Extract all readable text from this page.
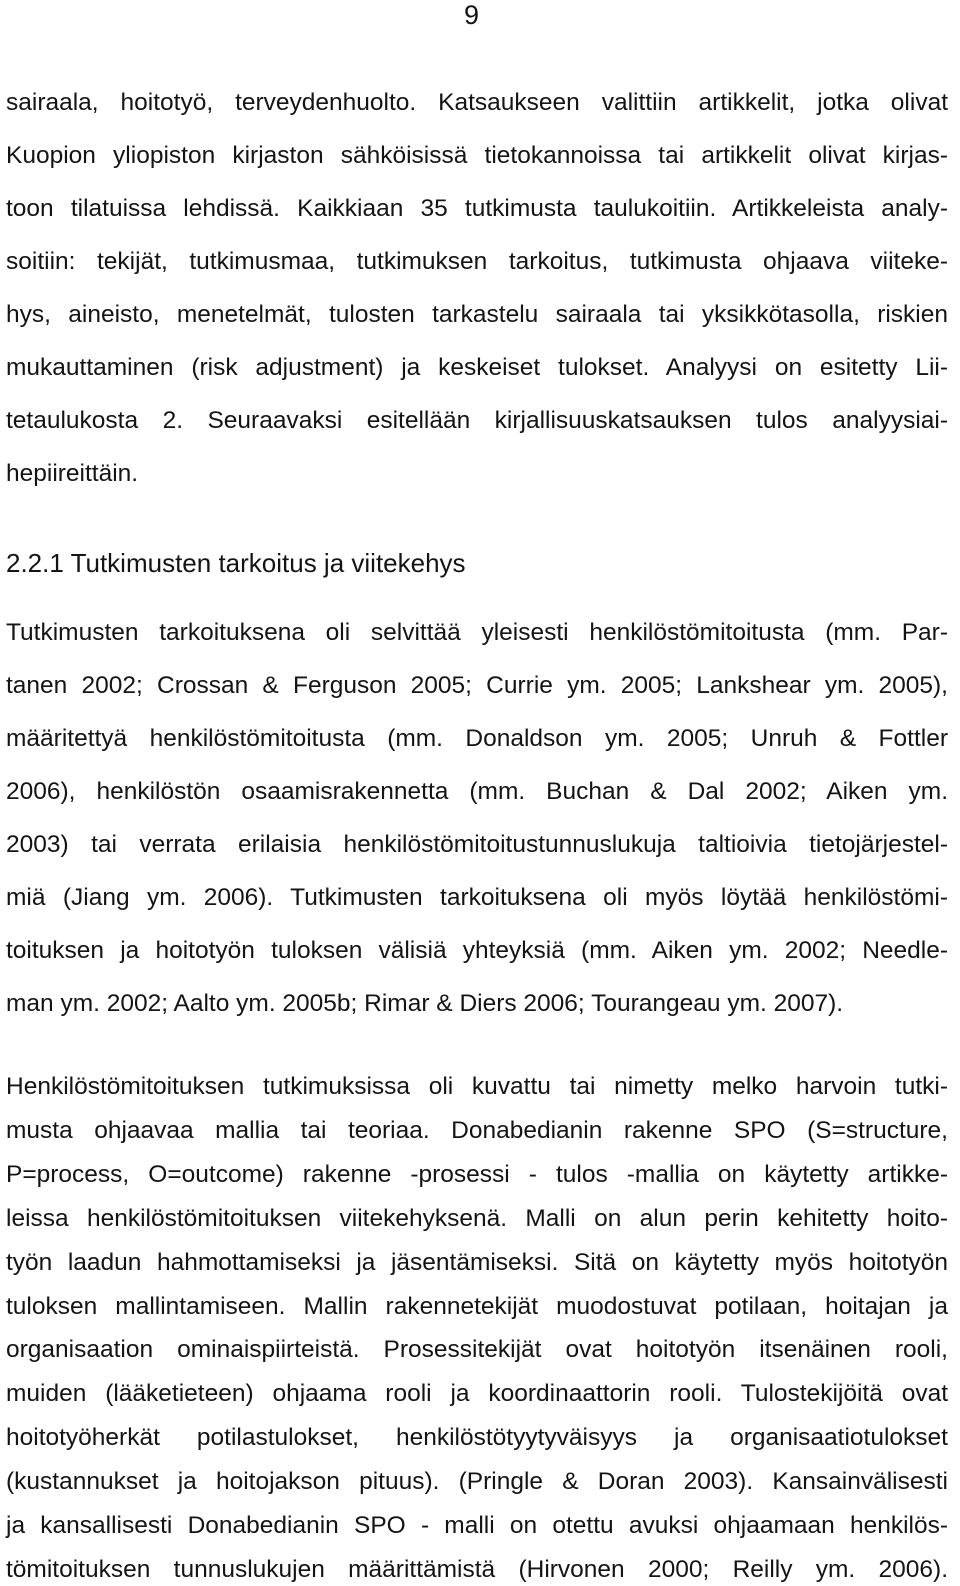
9
sairaala, hoitotyö, terveydenhuolto. Katsaukseen valittiin artikkelit, jotka olivat
Kuopion yliopiston kirjaston sähköisissä tietokannoissa tai artikkelit olivat kirjas-
toon tilatuissa lehdissä. Kaikkiaan 35 tutkimusta taulukoitiin. Artikkeleista analy-
soitiin: tekijät, tutkimusmaa, tutkimuksen tarkoitus, tutkimusta ohjaava viiteke-
hys, aineisto, menetelmät, tulosten tarkastelu sairaala tai yksikkötasolla, riskien
mukauttaminen (risk adjustment) ja keskeiset tulokset. Analyysi on esitetty Lii-
tetaulukosta 2. Seuraavaksi esitellään kirjallisuuskatsauksen tulos analyysiai-
hepiireittäin.
2.2.1 Tutkimusten tarkoitus ja viitekehys
Tutkimusten tarkoituksena oli selvittää yleisesti henkilöstömitoitusta (mm. Par-
tanen 2002; Crossan & Ferguson 2005; Currie ym. 2005; Lankshear ym. 2005),
määritettyä henkilöstömitoitusta (mm. Donaldson ym. 2005; Unruh & Fottler
2006), henkilöstön osaamisrakennetta (mm. Buchan & Dal 2002; Aiken ym.
2003) tai verrata erilaisia henkilöstömitoitustunnuslukuja taltioivia tietojärjestel-
miä (Jiang ym. 2006). Tutkimusten tarkoituksena oli myös löytää henkilöstömi-
toituksen ja hoitotyön tuloksen välisiä yhteyksiä (mm. Aiken ym. 2002; Needle-
man ym. 2002; Aalto ym. 2005b; Rimar & Diers 2006; Tourangeau ym. 2007).
Henkilöstömitoituksen tutkimuksissa oli kuvattu tai nimetty melko harvoin tutki-
musta ohjaavaa mallia tai teoriaa. Donabedianin rakenne SPO (S=structure,
P=process, O=outcome) rakenne -prosessi - tulos -mallia on käytetty artikke-
leissa henkilöstömitoituksen viitekehyksenä. Malli on alun perin kehitetty hoito-
työn laadun hahmottamiseksi ja jäsentämiseksi. Sitä on käytetty myös hoitotyön
tuloksen mallintamiseen. Mallin rakennetekijät muodostuvat potilaan, hoitajan ja
organisaation ominaispiirteistä. Prosessitekijät ovat hoitotyön itsenäinen rooli,
muiden (lääketieteen) ohjaama rooli ja koordinaattorin rooli. Tulostekijöitä ovat
hoitotyöherkät potilastulokset, henkilöstötyytyväisyys ja organisaatiotulokset
(kustannukset ja hoitojakson pituus). (Pringle & Doran 2003). Kansainvälisesti
ja kansallisesti Donabedianin SPO - malli on otettu avuksi ohjaamaan henkilös-
tömitoituksen tunnuslukujen määrittämistä (Hirvonen 2000; Reilly ym. 2006).
